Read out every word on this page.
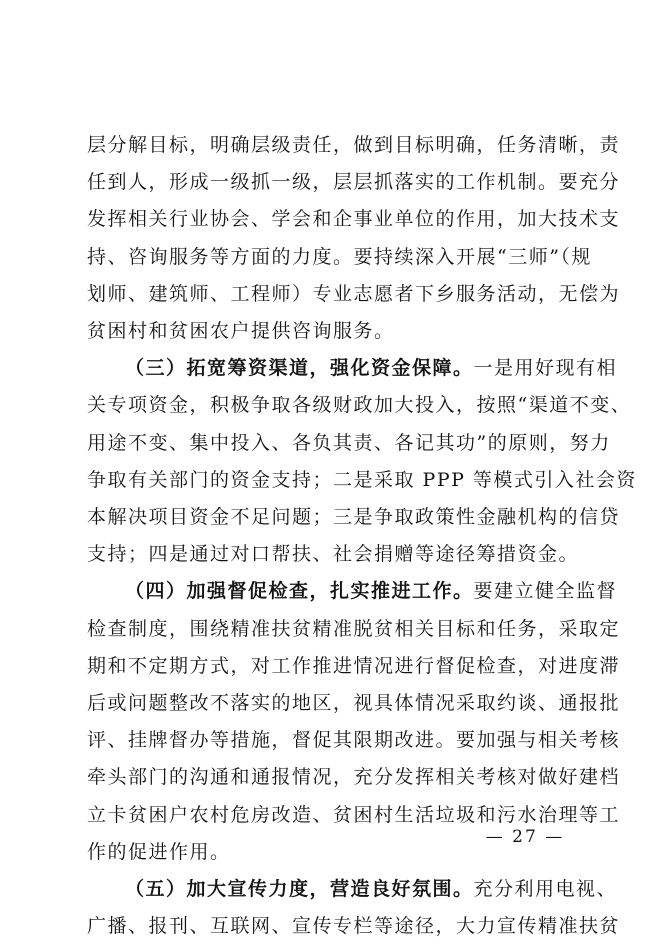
层分解目标，明确层级责任，做到目标明确，任务清晰，责
任到人，形成一级抓一级，层层抓落实的工作机制。要充分
发挥相关行业协会、学会和企事业单位的作用，加大技术支
持、咨询服务等方面的力度。要持续深入开展“三师”（规
划师、建筑师、工程师）专业志愿者下乡服务活动，无偿为
贫困村和贫困农户提供咨询服务。
（三）拓宽筹资渠道，强化资金保障。一是用好现有相
关专项资金，积极争取各级财政加大投入，按照“渠道不变、
用途不变、集中投入、各负其责、各记其功”的原则，努力
争取有关部门的资金支持；二是采取 PPP 等模式引入社会资
本解决项目资金不足问题；三是争取政策性金融机构的信贷
支持；四是通过对口帮扶、社会捐赠等途径筹措资金。
（四）加强督促检查，扎实推进工作。要建立健全监督
检查制度，围绕精准扶贫精准脱贫相关目标和任务，采取定
期和不定期方式，对工作推进情况进行督促检查，对进度滞
后或问题整改不落实的地区，视具体情况采取约谈、通报批
评、挂牌督办等措施，督促其限期改进。要加强与相关考核
牵头部门的沟通和通报情况，充分发挥相关考核对做好建档
立卡贫困户农村危房改造、贫困村生活垃圾和污水治理等工
作的促进作用。
（五）加大宣传力度，营造良好氛围。充分利用电视、
广播、报刊、互联网、宣传专栏等途径，大力宣传精准扶贫
— 27 —
